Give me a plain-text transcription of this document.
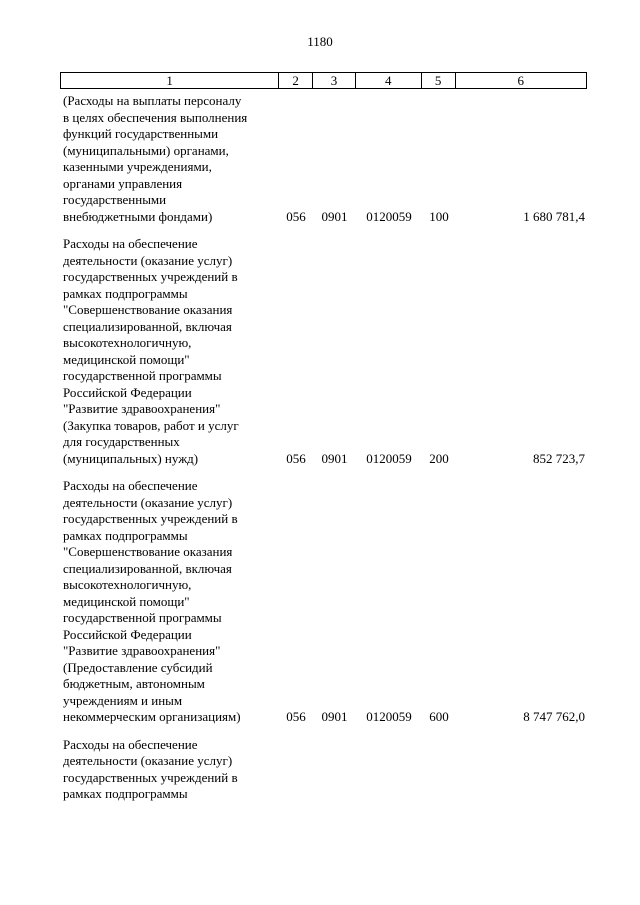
1180
1	2	3	4	5	6
(Расходы на выплаты персоналу
в целях обеспечения выполнения
функций государственными
(муниципальными) органами,
казенными учреждениями,
органами управления
государственными
внебюджетными фондами)	056	0901	0120059	100	1 680 781,4
Расходы на обеспечение
деятельности (оказание услуг)
государственных учреждений в
рамках подпрограммы
"Совершенствование оказания
специализированной, включая
высокотехнологичную,
медицинской помощи"
государственной программы
Российской Федерации
"Развитие здравоохранения"
(Закупка товаров, работ и услуг
для государственных
(муниципальных) нужд)	056	0901	0120059	200	852 723,7
Расходы на обеспечение
деятельности (оказание услуг)
государственных учреждений в
рамках подпрограммы
"Совершенствование оказания
специализированной, включая
высокотехнологичную,
медицинской помощи"
государственной программы
Российской Федерации
"Развитие здравоохранения"
(Предоставление субсидий
бюджетным, автономным
учреждениям и иным
некоммерческим организациям)	056	0901	0120059	600	8 747 762,0
Расходы на обеспечение
деятельности (оказание услуг)
государственных учреждений в
рамках подпрограммы
